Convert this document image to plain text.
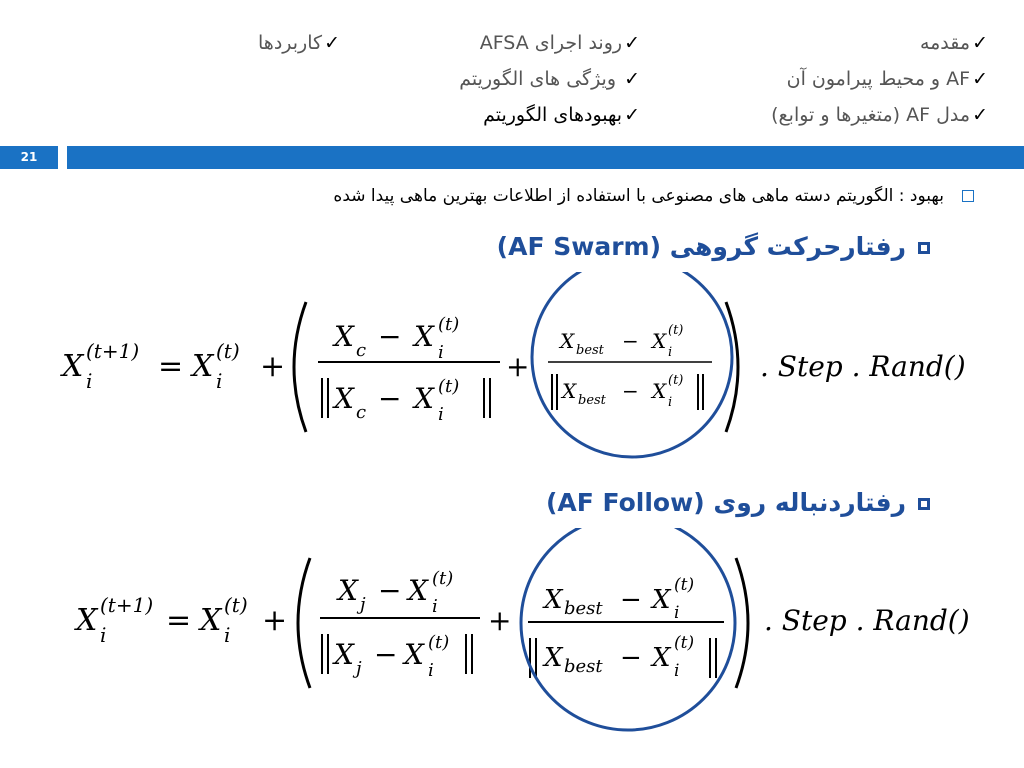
✓مقدمه
✓AF و محیط پیرامون آن
✓مدل AF (متغیرها و توابع)
✓روند اجرای AFSA
✓ ویژگی های الگوریتم
✓بهبودهای الگوریتم
✓کاربردها
21
بهبود : الگوریتم دسته ماهی های مصنوعی با استفاده از اطلاعات بهترین ماهی پیدا شده
رفتارحرکت گروهی (AF Swarm)
رفتاردنباله روی (AF Follow)
X i
(t+1) = X i
(t) +
X c − X i
(t)
X c − X i
(t)
+
X best − X i
(t)
X best − X i
(t)	. Step . Rand()
X i
(t+1) = X i
(t) +
X j − X i
(t)
X j − X i
(t)
+
X best − X i
(t)
X best − X i
(t)
. Step . Rand()
